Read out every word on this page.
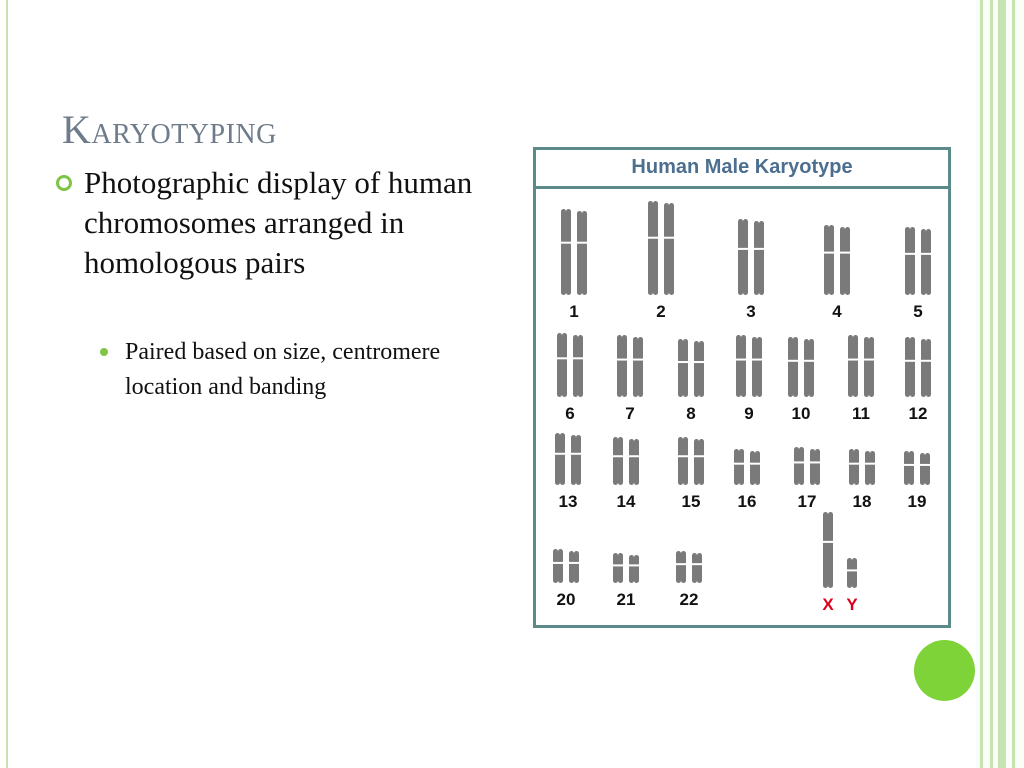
Karyotyping
Photographic display of human chromosomes arranged in homologous pairs
Paired based on size, centromere location and banding
Human Male Karyotype
1	2	3	4	5
6	7	8	9 10 11 12
13 14	15 16 17 18 19
20 21	22	X Y
